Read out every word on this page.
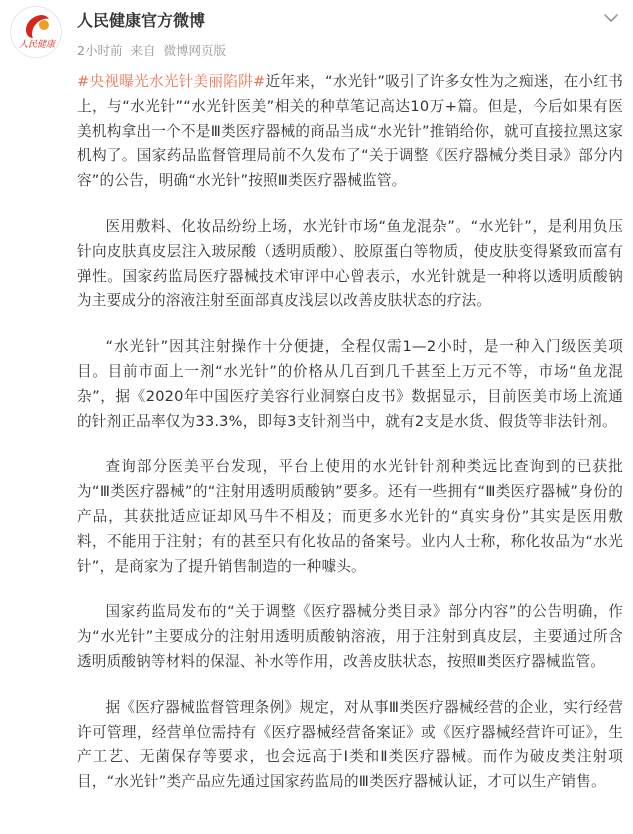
人民健康
人民健康官方微博
2小时前 来自 微博网页版

#央视曝光水光针美丽陷阱#近年来，“水光针”吸引了许多女性为之痴迷，在小红书上，与“水光针”“水光针医美”相关的种草笔记高达10万+篇。但是，今后如果有医美机构拿出一个不是Ⅲ类医疗器械的商品当成“水光针”推销给你，就可直接拉黑这家机构了。国家药品监督管理局前不久发布了“关于调整《医疗器械分类目录》部分内容”的公告，明确“水光针”按照Ⅲ类医疗器械监管。

医用敷料、化妆品纷纷上场，水光针市场“鱼龙混杂”。“水光针”，是利用负压针向皮肤真皮层注入玻尿酸（透明质酸）、胶原蛋白等物质，使皮肤变得紧致而富有弹性。国家药监局医疗器械技术审评中心曾表示，水光针就是一种将以透明质酸钠为主要成分的溶液注射至面部真皮浅层以改善皮肤状态的疗法。

“水光针”因其注射操作十分便捷，全程仅需1—2小时，是一种入门级医美项目。目前市面上一剂“水光针”的价格从几百到几千甚至上万元不等，市场“鱼龙混杂”，据《2020年中国医疗美容行业洞察白皮书》数据显示，目前医美市场上流通的针剂正品率仅为33.3%，即每3支针剂当中，就有2支是水货、假货等非法针剂。

查询部分医美平台发现，平台上使用的水光针针剂种类远比查询到的已获批为“Ⅲ类医疗器械”的“注射用透明质酸钠”要多。还有一些拥有“Ⅲ类医疗器械”身份的产品，其获批适应证却风马牛不相及；而更多水光针的“真实身份”其实是医用敷料，不能用于注射；有的甚至只有化妆品的备案号。业内人士称，称化妆品为“水光针”，是商家为了提升销售制造的一种噱头。

国家药监局发布的“关于调整《医疗器械分类目录》部分内容”的公告明确，作为“水光针”主要成分的注射用透明质酸钠溶液，用于注射到真皮层，主要通过所含透明质酸钠等材料的保湿、补水等作用，改善皮肤状态，按照Ⅲ类医疗器械监管。

据《医疗器械监督管理条例》规定，对从事Ⅲ类医疗器械经营的企业，实行经营许可管理，经营单位需持有《医疗器械经营备案证》或《医疗器械经营许可证》，生产工艺、无菌保存等要求，也会远高于Ⅰ类和Ⅱ类医疗器械。而作为破皮类注射项目，“水光针”类产品应先通过国家药监局的Ⅲ类医疗器械认证，才可以生产销售。
